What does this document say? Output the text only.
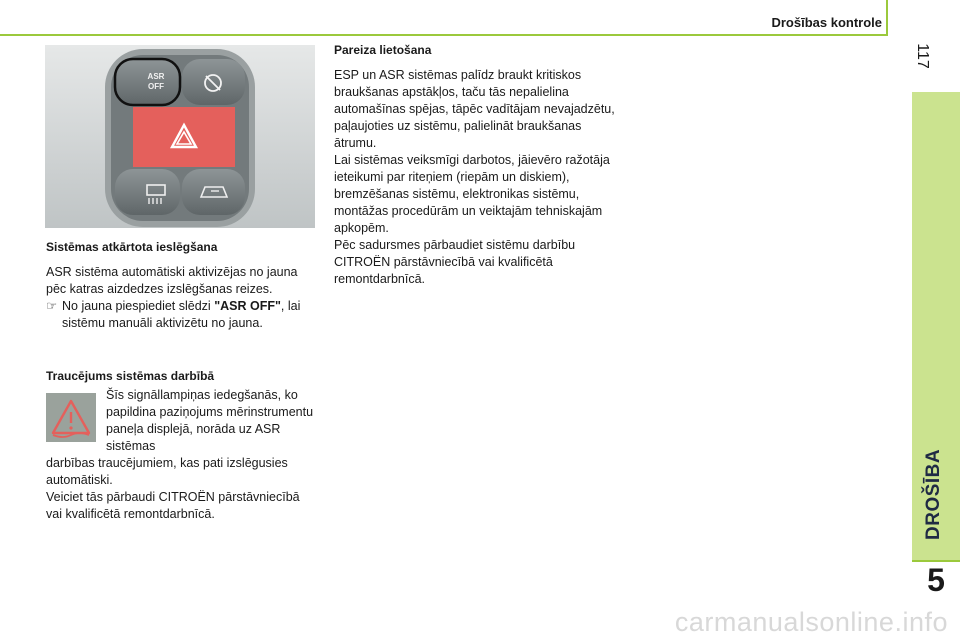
Drošības kontrole
117
DROŠĪBA
5
ASR
OFF
Sistēmas atkārtota ieslēgšana

ASR sistēma automātiski aktivizējas no jauna pēc katras aizdedzes izslēgšanas reizes.

☞ No jauna piespiediet slēdzi "ASR OFF", lai sistēmu manuāli aktivizētu no jauna.
Traucējums sistēmas darbībā
Šīs signāllampiņas iedegšanās, ko papildina paziņojums mērinstrumentu paneļa displejā, norāda uz ASR sistēmas

darbības traucējumiem, kas pati izslēgusies automātiski.

Veiciet tās pārbaudi CITROËN pārstāvniecībā vai kvalificētā remontdarbnīcā.

Pareiza lietošana

ESP un ASR sistēmas palīdz braukt kritiskos braukšanas apstākļos, taču tās nepalielina automašīnas spējas, tāpēc vadītājam nevajadzētu, paļaujoties uz sistēmu, palielināt braukšanas ātrumu.

Lai sistēmas veiksmīgi darbotos, jāievēro ražotāja ieteikumi par riteņiem (riepām un diskiem), bremzēšanas sistēmu, elektronikas sistēmu, montāžas procedūrām un veiktajām tehniskajām apkopēm.

Pēc sadursmes pārbaudiet sistēmu darbību CITROËN pārstāvniecībā vai kvalificētā remontdarbnīcā.

carmanualsonline.info
